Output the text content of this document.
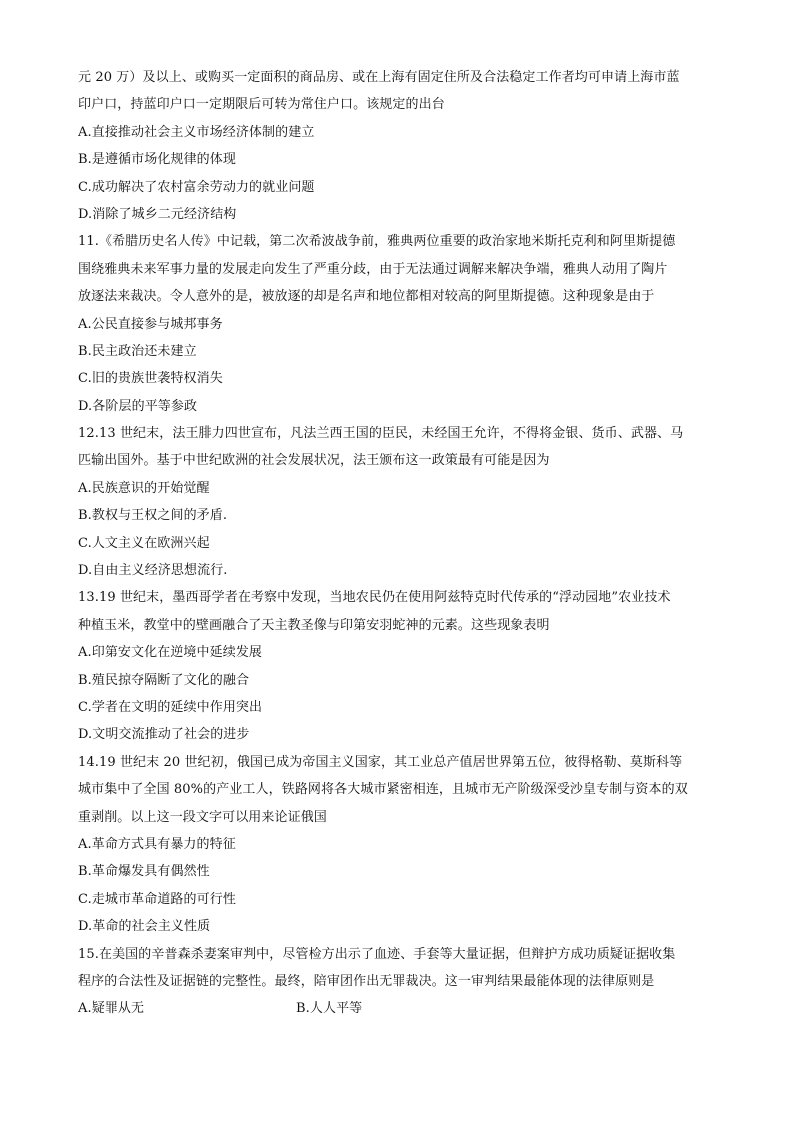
元 20 万）及以上、或购买一定面积的商品房、或在上海有固定住所及合法稳定工作者均可申请上海市蓝
印户口，持蓝印户口一定期限后可转为常住户口。该规定的出台
A.直接推动社会主义市场经济体制的建立
B.是遵循市场化规律的体现
C.成功解决了农村富余劳动力的就业问题
D.消除了城乡二元经济结构
11.《希腊历史名人传》中记载，第二次希波战争前，雅典两位重要的政治家地米斯托克利和阿里斯提德
围绕雅典未来军事力量的发展走向发生了严重分歧，由于无法通过调解来解决争端，雅典人动用了陶片
放逐法来裁决。令人意外的是，被放逐的却是名声和地位都相对较高的阿里斯提德。这种现象是由于
A.公民直接参与城邦事务
B.民主政治还未建立
C.旧的贵族世袭特权消失
D.各阶层的平等参政
12.13 世纪末，法王腓力四世宣布，凡法兰西王国的臣民，未经国王允许，不得将金银、货币、武器、马
匹输出国外。基于中世纪欧洲的社会发展状况，法王颁布这一政策最有可能是因为
A.民族意识的开始觉醒
B.教权与王权之间的矛盾.
C.人文主义在欧洲兴起
D.自由主义经济思想流行.
13.19 世纪末，墨西哥学者在考察中发现，当地农民仍在使用阿兹特克时代传承的“浮动园地”农业技术
种植玉米，教堂中的壁画融合了天主教圣像与印第安羽蛇神的元素。这些现象表明
A.印第安文化在逆境中延续发展
B.殖民掠夺隔断了文化的融合
C.学者在文明的延续中作用突出
D.文明交流推动了社会的进步
14.19 世纪末 20 世纪初，俄国已成为帝国主义国家，其工业总产值居世界第五位，彼得格勒、莫斯科等
城市集中了全国 80%的产业工人，铁路网将各大城市紧密相连，且城市无产阶级深受沙皇专制与资本的双
重剥削。以上这一段文字可以用来论证俄国
A.革命方式具有暴力的特征
B.革命爆发具有偶然性
C.走城市革命道路的可行性
D.革命的社会主义性质
15.在美国的辛普森杀妻案审判中，尽管检方出示了血迹、手套等大量证据，但辩护方成功质疑证据收集
程序的合法性及证据链的完整性。最终，陪审团作出无罪裁决。这一审判结果最能体现的法律原则是
A.疑罪从无	B.人人平等
